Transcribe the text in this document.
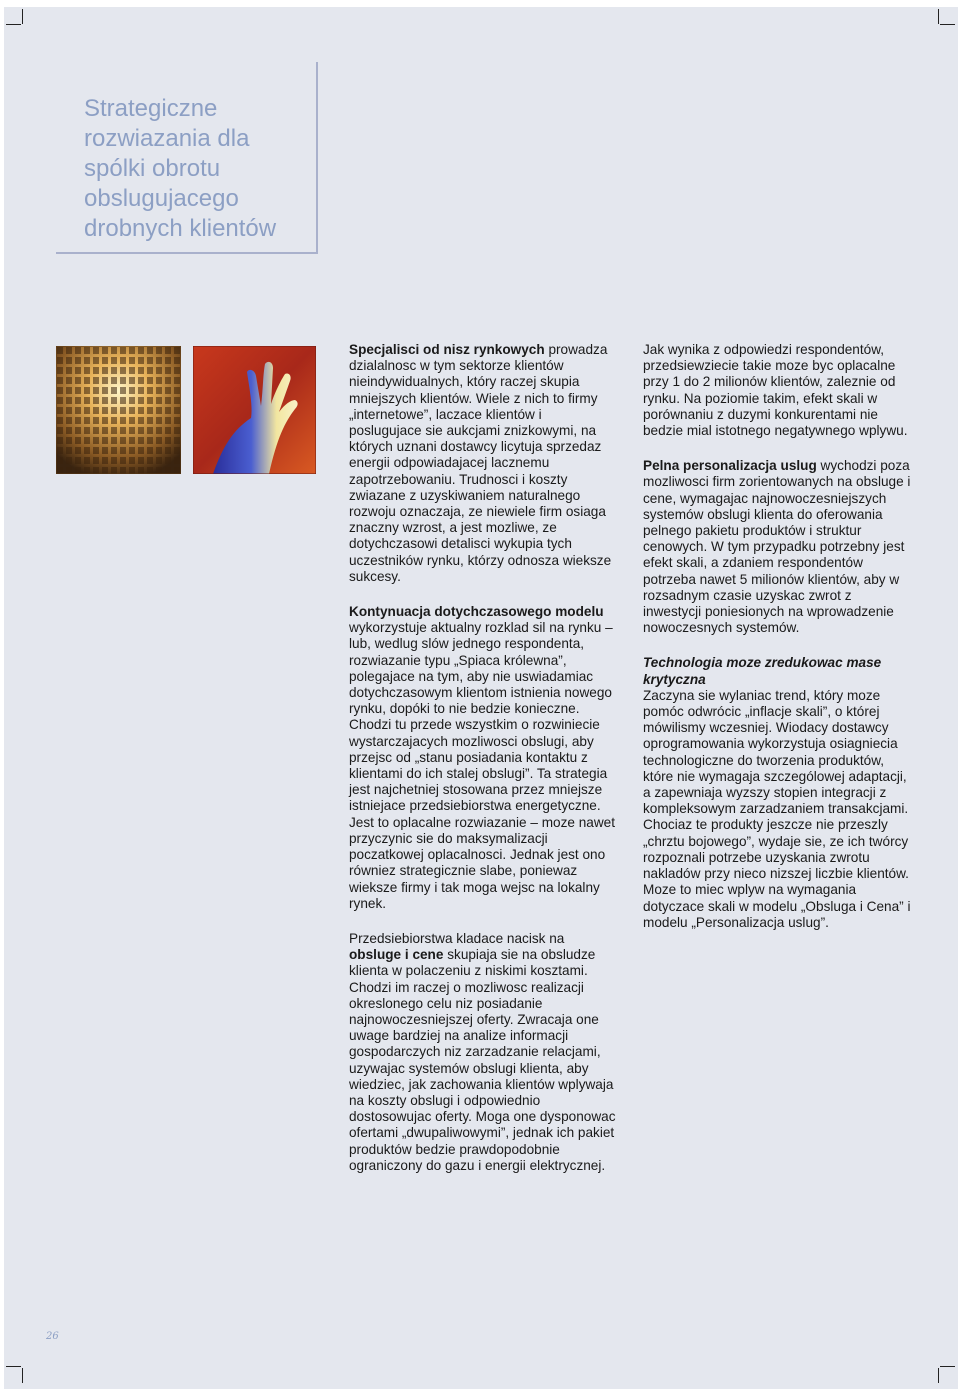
Strategiczne rozwiazania dla spólki obrotu obslugujacego drobnych klientów

Specjalisci od nisz rynkowych prowadza dzialalnosc w tym sektorze klientów nieindywidualnych, który raczej skupia mniejszych klientów. Wiele z nich to firmy „internetowe”, laczace klientów i poslugujace sie aukcjami znizkowymi, na których uznani dostawcy licytuja sprzedaz energii odpowiadajacej lacznemu zapotrzebowaniu. Trudnosci i koszty zwiazane z uzyskiwaniem naturalnego rozwoju oznaczaja, ze niewiele firm osiaga znaczny wzrost, a jest mozliwe, ze dotychczasowi detalisci wykupia tych uczestników rynku, którzy odnosza wieksze sukcesy.

Kontynuacja dotychczasowego modelu wykorzystuje aktualny rozklad sil na rynku – lub, wedlug slów jednego respondenta, rozwiazanie typu „Spiaca królewna”, polegajace na tym, aby nie uswiadamiac dotychczasowym klientom istnienia nowego rynku, dopóki to nie bedzie konieczne. Chodzi tu przede wszystkim o rozwiniecie wystarczajacych mozliwosci obslugi, aby przejsc od „stanu posiadania kontaktu z klientami do ich stalej obslugi”. Ta strategia jest najchetniej stosowana przez mniejsze istniejace przedsiebiorstwa energetyczne. Jest to oplacalne rozwiazanie – moze nawet przyczynic sie do maksymalizacji poczatkowej oplacalnosci. Jednak jest ono równiez strategicznie slabe, poniewaz wieksze firmy i tak moga wejsc na lokalny rynek.

Przedsiebiorstwa kladace nacisk na obsluge i cene skupiaja sie na obsludze klienta w polaczeniu z niskimi kosztami. Chodzi im raczej o mozliwosc realizacji okreslonego celu niz posiadanie najnowoczesniejszej oferty. Zwracaja one uwage bardziej na analize informacji gospodarczych niz zarzadzanie relacjami, uzywajac systemów obslugi klienta, aby wiedziec, jak zachowania klientów wplywaja na koszty obslugi i odpowiednio dostosowujac oferty. Moga one dysponowac ofertami „dwupaliwowymi”, jednak ich pakiet produktów bedzie prawdopodobnie ograniczony do gazu i energii elektrycznej.

Jak wynika z odpowiedzi respondentów, przedsiewziecie takie moze byc oplacalne przy 1 do 2 milionów klientów, zaleznie od rynku. Na poziomie takim, efekt skali w porównaniu z duzymi konkurentami nie bedzie mial istotnego negatywnego wplywu.

Pelna personalizacja uslug wychodzi poza mozliwosci firm zorientowanych na obsluge i cene, wymagajac najnowoczesniejszych systemów obslugi klienta do oferowania pelnego pakietu produktów i struktur cenowych. W tym przypadku potrzebny jest efekt skali, a zdaniem respondentów potrzeba nawet 5 milionów klientów, aby w rozsadnym czasie uzyskac zwrot z inwestycji poniesionych na wprowadzenie nowoczesnych systemów.

Technologia moze zredukowac mase krytyczna

Zaczyna sie wylaniac trend, który moze pomóc odwrócic „inflacje skali”, o której mówilismy wczesniej. Wiodacy dostawcy oprogramowania wykorzystuja osiagniecia technologiczne do tworzenia produktów, które nie wymagaja szczególowej adaptacji, a zapewniaja wyzszy stopien integracji z kompleksowym zarzadzaniem transakcjami. Chociaz te produkty jeszcze nie przeszly „chrztu bojowego”, wydaje sie, ze ich twórcy rozpoznali potrzebe uzyskania zwrotu nakladów przy nieco nizszej liczbie klientów. Moze to miec wplyw na wymagania dotyczace skali w modelu „Obsluga i Cena” i modelu „Personalizacja uslug”.

26
